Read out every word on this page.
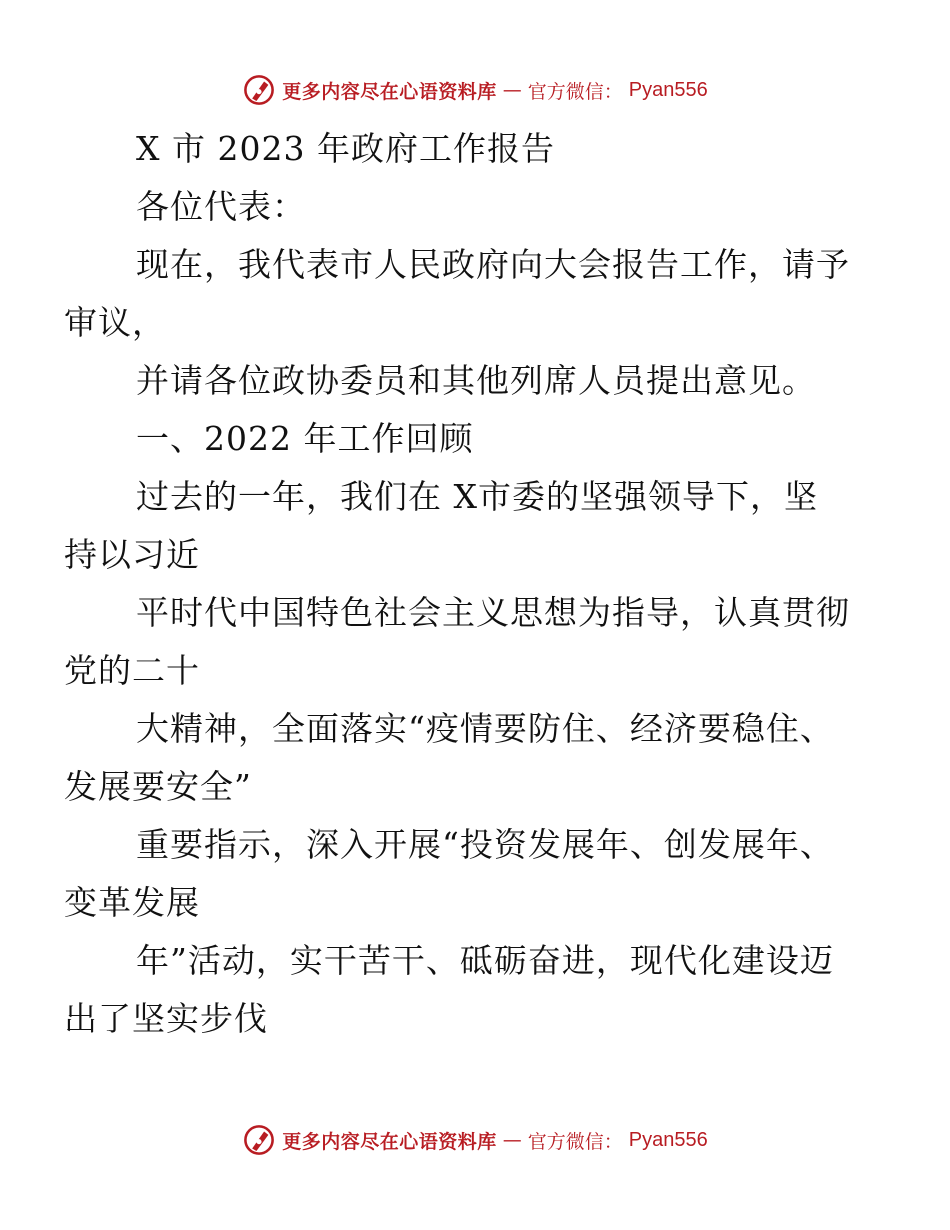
更多内容尽在心语资料库 — 官方微信： Pyan556

X 市 2023 年政府工作报告

各位代表：

现在，我代表市人民政府向大会报告工作，请予
审议，

并请各位政协委员和其他列席人员提出意见。

一、2022 年工作回顾

过去的一年，我们在 X市委的坚强领导下，坚
持以习近

平时代中国特色社会主义思想为指导，认真贯彻
党的二十

大精神，全面落实“疫情要防住、经济要稳住、
发展要安全”

重要指示，深入开展“投资发展年、创发展年、
变革发展

年”活动，实干苦干、砥砺奋进，现代化建设迈
出了坚实步伐

更多内容尽在心语资料库 — 官方微信： Pyan556
